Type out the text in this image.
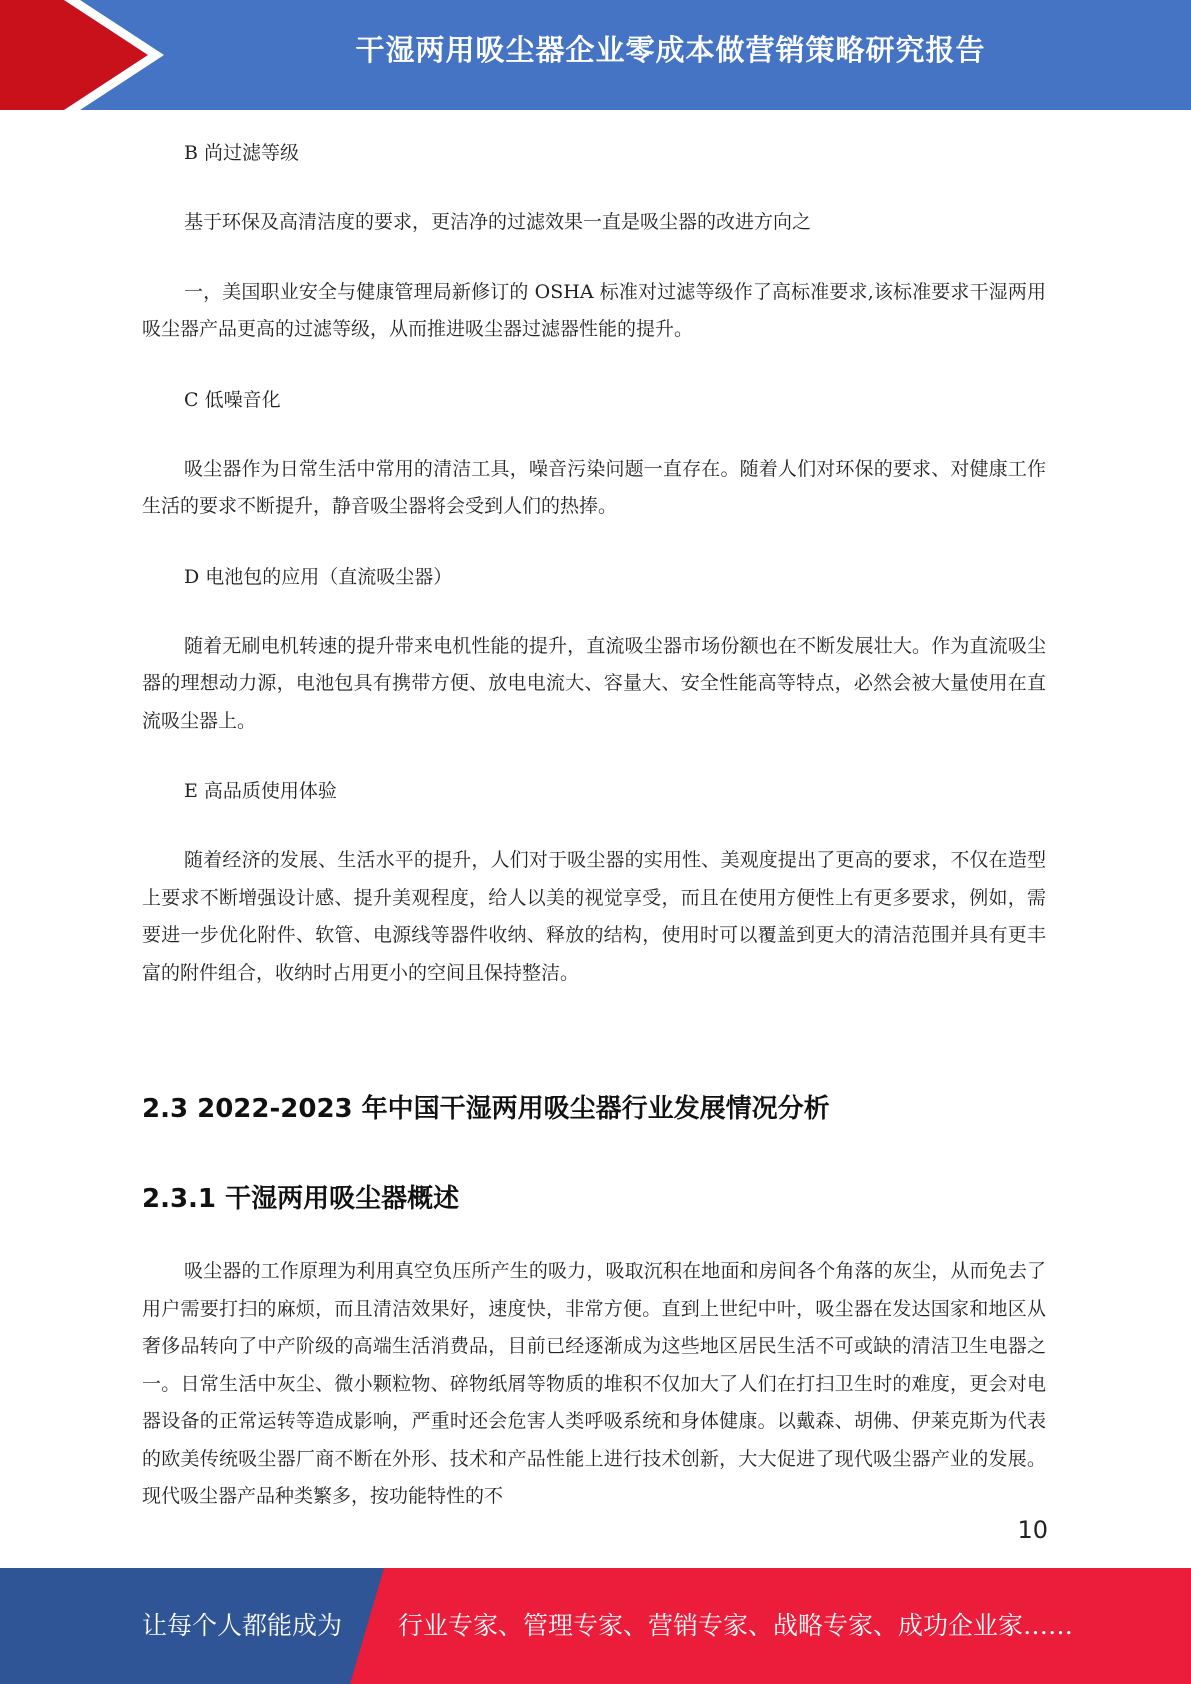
干湿两用吸尘器企业零成本做营销策略研究报告
B 尚过滤等级

基于环保及高清洁度的要求，更洁净的过滤效果一直是吸尘器的改进方向之

一，美国职业安全与健康管理局新修订的 OSHA 标准对过滤等级作了高标准要求,该标准要求干湿两用吸尘器产品更高的过滤等级，从而推进吸尘器过滤器性能的提升。

C 低噪音化

吸尘器作为日常生活中常用的清洁工具，噪音污染问题一直存在。随着人们对环保的要求、对健康工作生活的要求不断提升，静音吸尘器将会受到人们的热捧。

D 电池包的应用（直流吸尘器）

随着无刷电机转速的提升带来电机性能的提升，直流吸尘器市场份额也在不断发展壮大。作为直流吸尘器的理想动力源，电池包具有携带方便、放电电流大、容量大、安全性能高等特点，必然会被大量使用在直流吸尘器上。

E 高品质使用体验

随着经济的发展、生活水平的提升，人们对于吸尘器的实用性、美观度提出了更高的要求，不仅在造型上要求不断增强设计感、提升美观程度，给人以美的视觉享受，而且在使用方便性上有更多要求，例如，需要进一步优化附件、软管、电源线等器件收纳、释放的结构，使用时可以覆盖到更大的清洁范围并具有更丰富的附件组合，收纳时占用更小的空间且保持整洁。

2.3 2022-2023 年中国干湿两用吸尘器行业发展情况分析
2.3.1 干湿两用吸尘器概述

吸尘器的工作原理为利用真空负压所产生的吸力，吸取沉积在地面和房间各个角落的灰尘，从而免去了用户需要打扫的麻烦，而且清洁效果好，速度快，非常方便。直到上世纪中叶，吸尘器在发达国家和地区从奢侈品转向了中产阶级的高端生活消费品，目前已经逐渐成为这些地区居民生活不可或缺的清洁卫生电器之一。日常生活中灰尘、微小颗粒物、碎物纸屑等物质的堆积不仅加大了人们在打扫卫生时的难度，更会对电器设备的正常运转等造成影响，严重时还会危害人类呼吸系统和身体健康。以戴森、胡佛、伊莱克斯为代表的欧美传统吸尘器厂商不断在外形、技术和产品性能上进行技术创新，大大促进了现代吸尘器产业的发展。现代吸尘器产品种类繁多，按功能特性的不

10
让每个人都能成为 行业专家、管理专家、营销专家、战略专家、成功企业家……
